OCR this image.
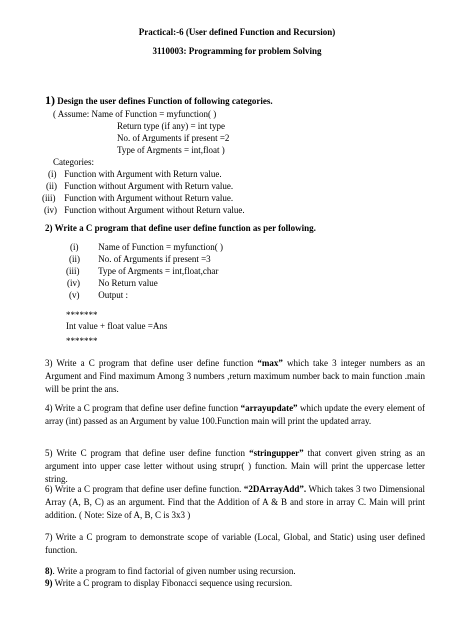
Practical:-6 (User defined Function and Recursion)
3110003: Programming for problem Solving
1) Design the user defines Function of following categories.
( Assume: Name of Function = myfunction( )
Return type (if any) = int type
No. of Arguments if present =2
Type of Argments = int,float )
Categories:
(i) Function with Argument with Return value.
(ii) Function without Argument with Return value.
(iii) Function with Argument without Return value.
(iv) Function without Argument without Return value.
2) Write a C program that define user define function as per following.
(i) Name of Function = myfunction( )
(ii) No. of Arguments if present =3
(iii) Type of Argments = int,float,char
(iv) No Return value
(v) Output :
*******
Int value + float value =Ans
*******
3) Write a C program that define user define function “max” which take 3 integer numbers as an Argument and Find maximum Among 3 numbers ,return maximum number back to main function .main will be print the ans.
4) Write a C program that define user define function “arrayupdate” which update the every element of array (int) passed as an Argument by value 100.Function main will print the updated array.
5) Write C program that define user define function “stringupper” that convert given string as an argument into upper case letter without using strupr( ) function. Main will print the uppercase letter string.
6) Write a C program that define user define function. “2DArrayAdd”. Which takes 3 two Dimensional Array (A, B, C) as an argument. Find that the Addition of A & B and store in array C. Main will print addition. ( Note: Size of A, B, C is 3x3 )
7) Write a C program to demonstrate scope of variable (Local, Global, and Static) using user defined function.
8). Write a program to find factorial of given number using recursion.
9) Write a C program to display Fibonacci sequence using recursion.
